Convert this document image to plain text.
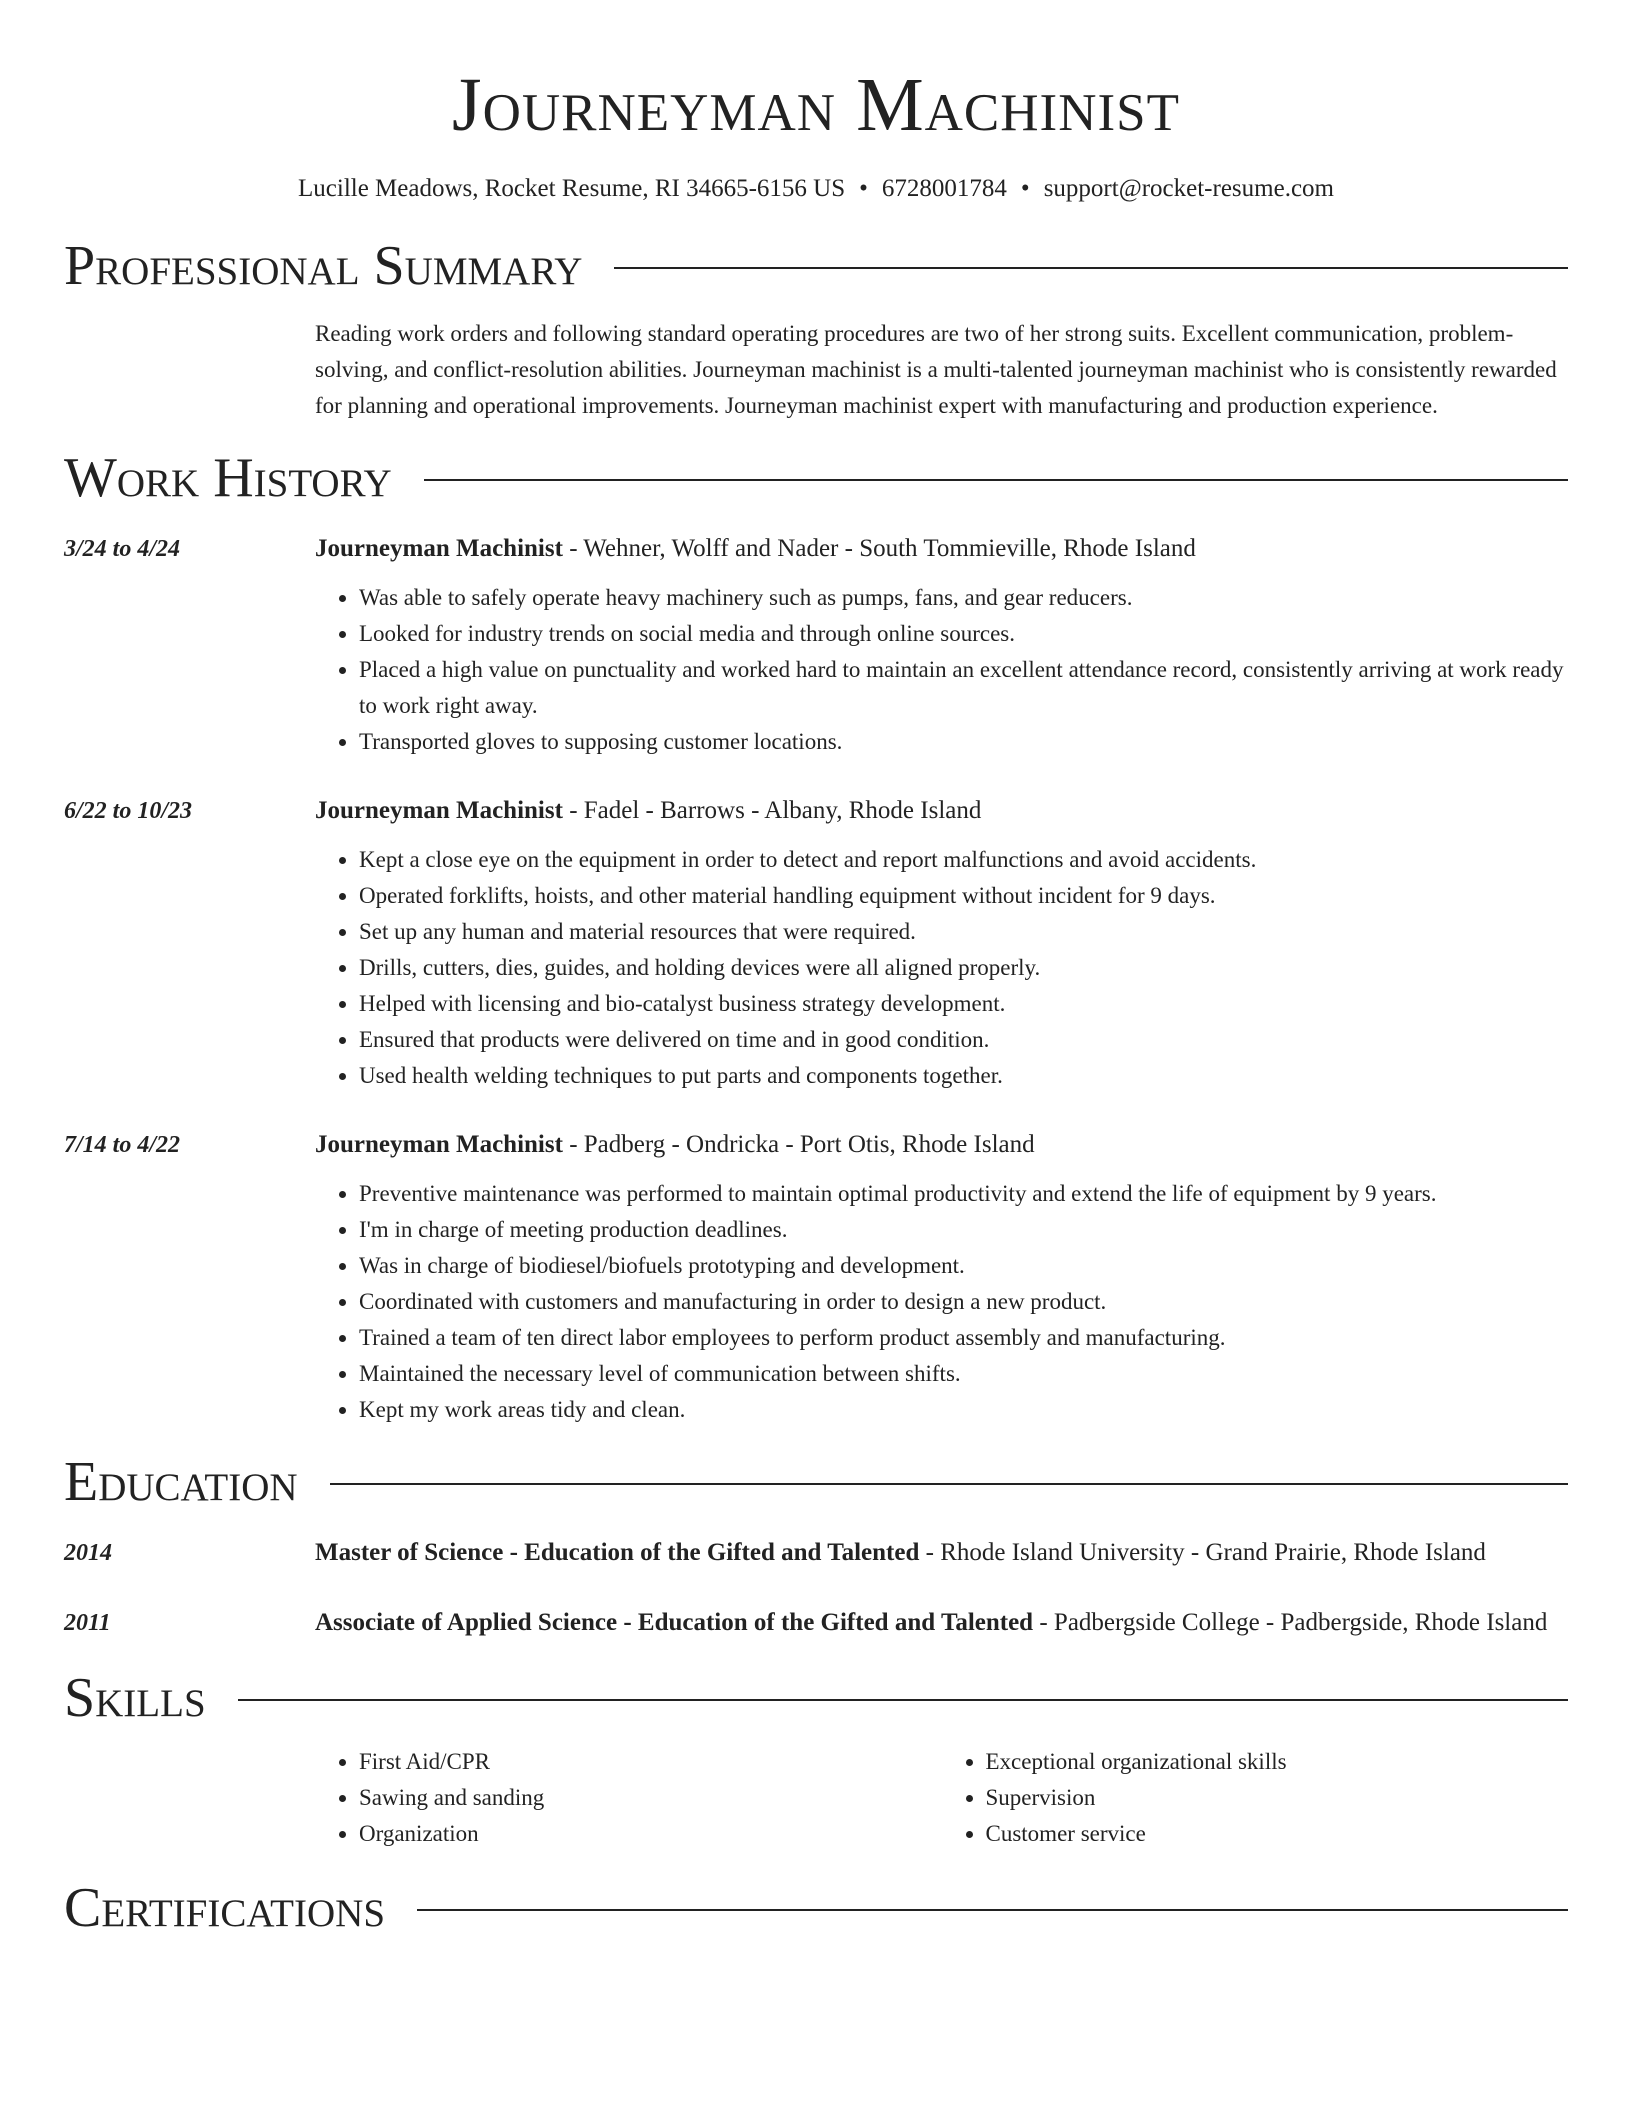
Journeyman Machinist
Lucille Meadows, Rocket Resume, RI 34665-6156 US • 6728001784 • support@rocket-resume.com
Professional Summary
Reading work orders and following standard operating procedures are two of her strong suits. Excellent communication, problem-solving, and conflict-resolution abilities. Journeyman machinist is a multi-talented journeyman machinist who is consistently rewarded for planning and operational improvements. Journeyman machinist expert with manufacturing and production experience.
Work History
3/24 to 4/24	Journeyman Machinist - Wehner, Wolff and Nader - South Tommieville, Rhode Island
• Was able to safely operate heavy machinery such as pumps, fans, and gear reducers.
• Looked for industry trends on social media and through online sources.
• Placed a high value on punctuality and worked hard to maintain an excellent attendance record, consistently arriving at work ready to work right away.
• Transported gloves to supposing customer locations.
6/22 to 10/23	Journeyman Machinist - Fadel - Barrows - Albany, Rhode Island
• Kept a close eye on the equipment in order to detect and report malfunctions and avoid accidents.
• Operated forklifts, hoists, and other material handling equipment without incident for 9 days.
• Set up any human and material resources that were required.
• Drills, cutters, dies, guides, and holding devices were all aligned properly.
• Helped with licensing and bio-catalyst business strategy development.
• Ensured that products were delivered on time and in good condition.
• Used health welding techniques to put parts and components together.
7/14 to 4/22	Journeyman Machinist - Padberg - Ondricka - Port Otis, Rhode Island
• Preventive maintenance was performed to maintain optimal productivity and extend the life of equipment by 9 years.
• I'm in charge of meeting production deadlines.
• Was in charge of biodiesel/biofuels prototyping and development.
• Coordinated with customers and manufacturing in order to design a new product.
• Trained a team of ten direct labor employees to perform product assembly and manufacturing.
• Maintained the necessary level of communication between shifts.
• Kept my work areas tidy and clean.
Education
2014	Master of Science - Education of the Gifted and Talented - Rhode Island University - Grand Prairie, Rhode Island
2011	Associate of Applied Science - Education of the Gifted and Talented - Padbergside College - Padbergside, Rhode Island
Skills
• First Aid/CPR
• Sawing and sanding
• Organization
• Exceptional organizational skills
• Supervision
• Customer service
Certifications
